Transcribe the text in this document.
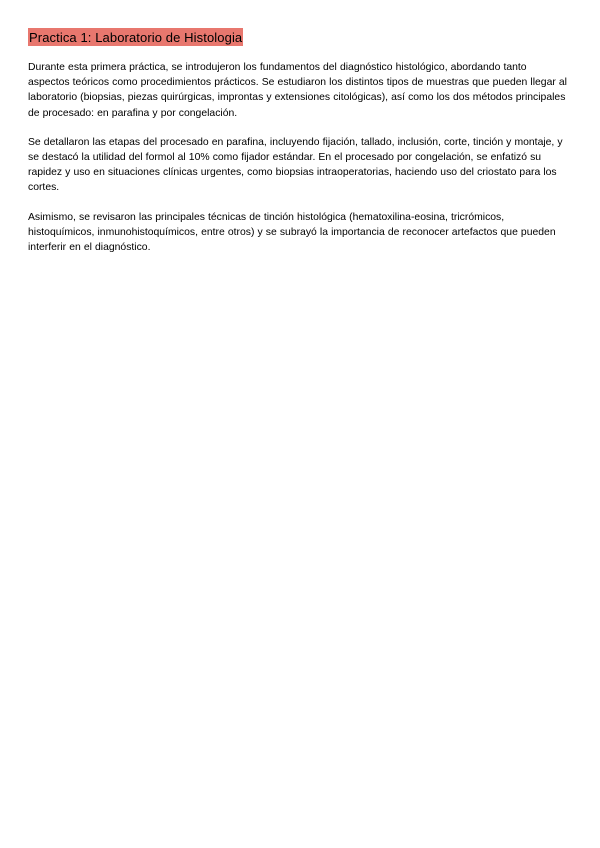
Practica 1: Laboratorio de Histologia

Durante esta primera práctica, se introdujeron los fundamentos del diagnóstico histológico, abordando tanto aspectos teóricos como procedimientos prácticos. Se estudiaron los distintos tipos de muestras que pueden llegar al laboratorio (biopsias, piezas quirúrgicas, improntas y extensiones citológicas), así como los dos métodos principales de procesado: en parafina y por congelación.

Se detallaron las etapas del procesado en parafina, incluyendo fijación, tallado, inclusión, corte, tinción y montaje, y se destacó la utilidad del formol al 10% como fijador estándar. En el procesado por congelación, se enfatizó su rapidez y uso en situaciones clínicas urgentes, como biopsias intraoperatorias, haciendo uso del criostato para los cortes.

Asimismo, se revisaron las principales técnicas de tinción histológica (hematoxilina-eosina, tricrómicos, histoquímicos, inmunohistoquímicos, entre otros) y se subrayó la importancia de reconocer artefactos que pueden interferir en el diagnóstico.
